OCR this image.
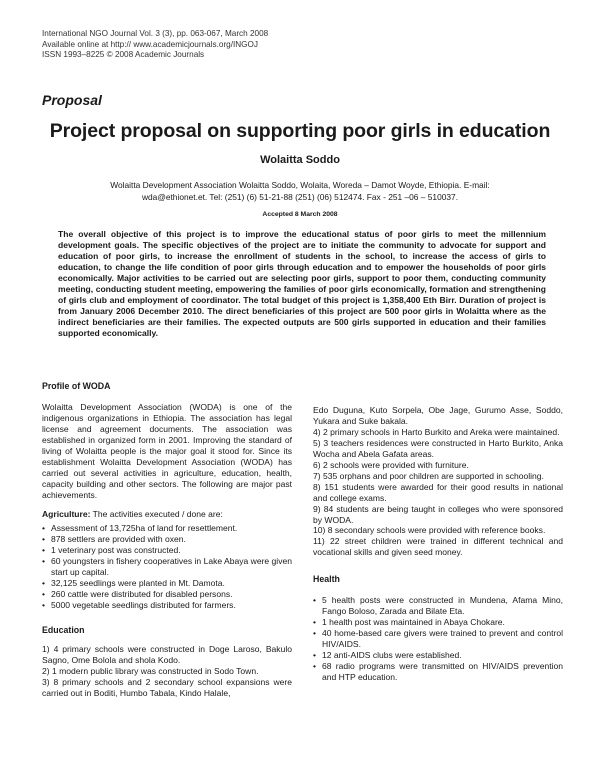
International NGO Journal Vol. 3 (3), pp. 063-067, March 2008
Available online at http:// www.academicjournals.org/INGOJ
ISSN 1993–8225 © 2008 Academic Journals
Proposal
Project proposal on supporting poor girls in education
Wolaitta Soddo
Wolaitta Development Association Wolaitta Soddo, Wolaita, Woreda – Damot Woyde, Ethiopia. E-mail: wda@ethionet.et. Tel: (251) (6) 51-21-88 (251) (06) 512474. Fax - 251 –06 – 510037.
Accepted 8 March 2008
The overall objective of this project is to improve the educational status of poor girls to meet the millennium development goals. The specific objectives of the project are to initiate the community to advocate for support and education of poor girls, to increase the enrollment of students in the school, to increase the access of girls to education, to change the life condition of poor girls through education and to empower the households of poor girls economically. Major activities to be carried out are selecting poor girls, support to poor them, conducting community meeting, conducting student meeting, empowering the families of poor girls economically, formation and strengthening of girls club and employment of coordinator. The total budget of this project is 1,358,400 Eth Birr. Duration of project is from January 2006 December 2010. The direct beneficiaries of this project are 500 poor girls in Wolaitta where as the indirect beneficiaries are their families. The expected outputs are 500 girls supported in education and their families supported economically.
Profile of WODA

Wolaitta Development Association (WODA) is one of the indigenous organizations in Ethiopia. The association has legal license and agreement documents. The association was established in organized form in 2001. Improving the standard of living of Wolaitta people is the major goal it stood for. Since its establishment Wolaitta Development Association (WODA) has carried out several activities in agriculture, education, health, capacity building and other sectors. The following are major past achievements.

Agriculture: The activities executed / done are:
• Assessment of 13,725ha of land for resettlement.
• 878 settlers are provided with oxen.
• 1 veterinary post was constructed.
• 60 youngsters in fishery cooperatives in Lake Abaya were given start up capital.
• 32,125 seedlings were planted in Mt. Damota.
• 260 cattle were distributed for disabled persons.
• 5000 vegetable seedlings distributed for farmers.
Education
1) 4 primary schools were constructed in Doge Laroso, Bakulo Sagno, Ome Bolola and shola Kodo.
2) 1 modern public library was constructed in Sodo Town.
3) 8 primary schools and 2 secondary school expansions were carried out in Boditi, Humbo Tabala, Kindo Halale,
Edo Duguna, Kuto Sorpela, Obe Jage, Gurumo Asse, Soddo, Yukara and Suke bakala.
4) 2 primary schools in Harto Burkito and Areka were maintained.
5) 3 teachers residences were constructed in Harto Burkito, Anka Wocha and Abela Gafata areas.
6) 2 schools were provided with furniture.
7) 535 orphans and poor children are supported in schooling.
8) 151 students were awarded for their good results in national and college exams.
9) 84 students are being taught in colleges who were sponsored by WODA.
10) 8 secondary schools were provided with reference books.
11) 22 street children were trained in different technical and vocational skills and given seed money.
Health
• 5 health posts were constructed in Mundena, Afama Mino, Fango Boloso, Zarada and Bilate Eta.
• 1 health post was maintained in Abaya Chokare.
• 40 home-based care givers were trained to prevent and control HIV/AIDS.
• 12 anti-AIDS clubs were established.
• 68 radio programs were transmitted on HIV/AIDS prevention and HTP education.
